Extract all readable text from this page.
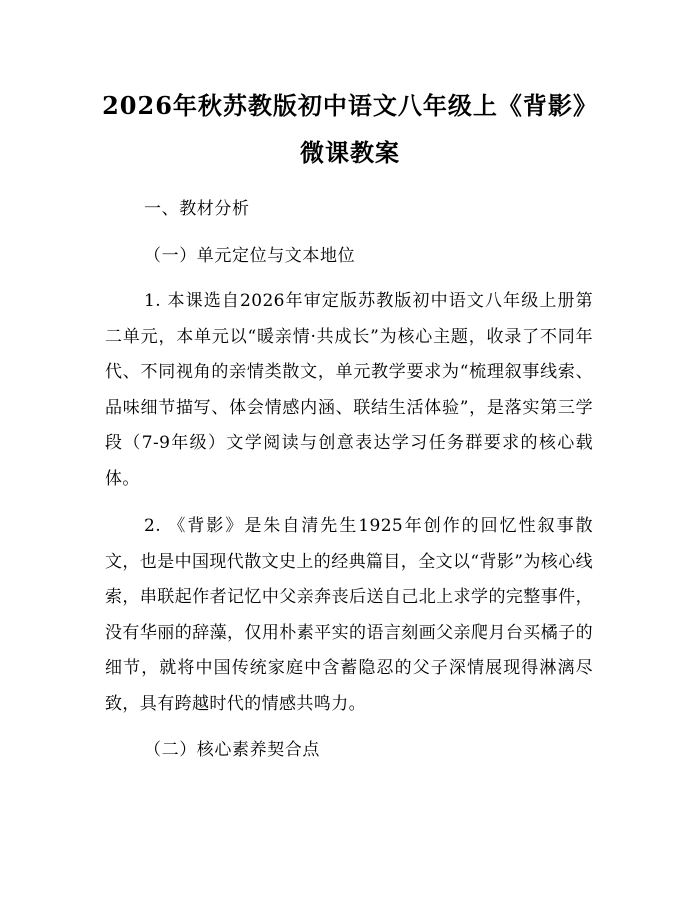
2026年秋苏教版初中语文八年级上《背影》
微课教案
一、教材分析
（一）单元定位与文本地位
1. 本课选自2026年审定版苏教版初中语文八年级上册第二单元，本单元以“暖亲情·共成长”为核心主题，收录了不同年代、不同视角的亲情类散文，单元教学要求为“梳理叙事线索、品味细节描写、体会情感内涵、联结生活体验”，是落实第三学段（7-9年级）文学阅读与创意表达学习任务群要求的核心载体。
2. 《背影》是朱自清先生1925年创作的回忆性叙事散文，也是中国现代散文史上的经典篇目，全文以“背影”为核心线索，串联起作者记忆中父亲奔丧后送自己北上求学的完整事件，没有华丽的辞藻，仅用朴素平实的语言刻画父亲爬月台买橘子的细节，就将中国传统家庭中含蓄隐忍的父子深情展现得淋漓尽致，具有跨越时代的情感共鸣力。
（二）核心素养契合点
